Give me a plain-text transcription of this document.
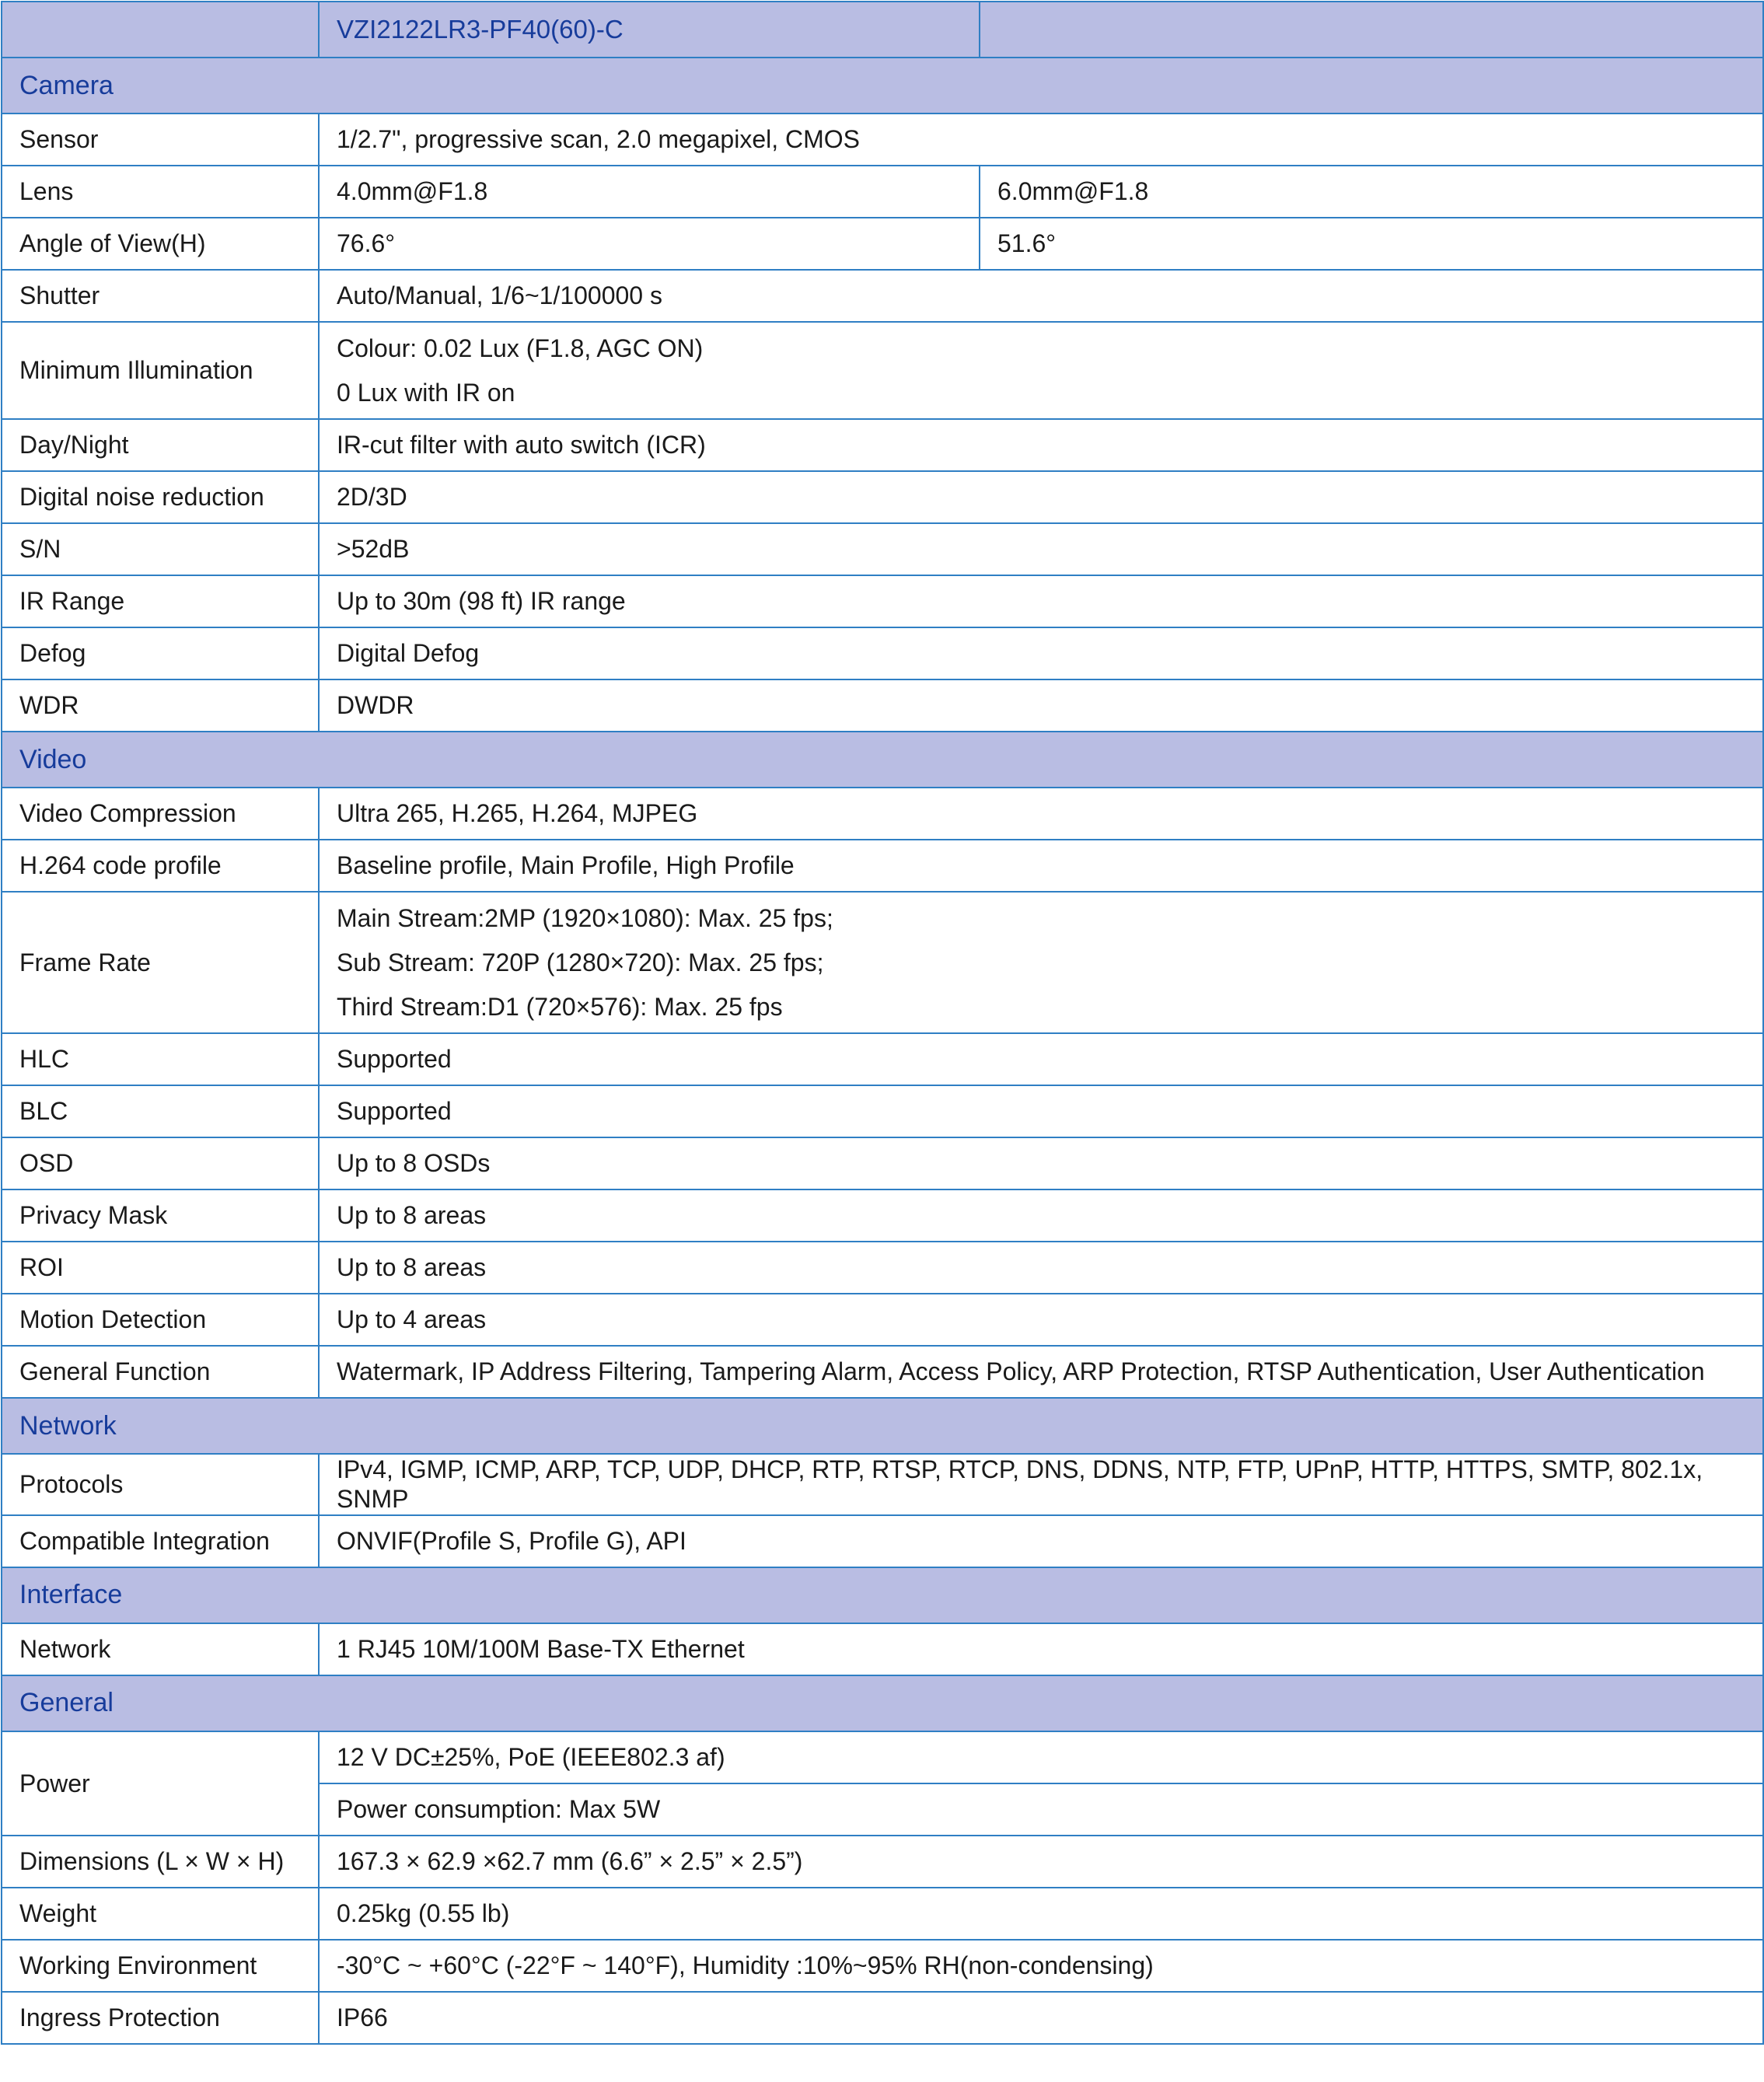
	VZI2122LR3-PF40(60)-C	
Camera		
Sensor	1/2.7", progressive scan, 2.0 megapixel, CMOS	
Lens	4.0mm@F1.8	6.0mm@F1.8
Angle of View(H)	76.6°	51.6°
Shutter	Auto/Manual, 1/6~1/100000 s	
Minimum Illumination	Colour: 0.02 Lux (F1.8, AGC ON)
0 Lux with IR on	

Day/Night	IR-cut filter with auto switch (ICR)	
Digital noise reduction	2D/3D	
S/N	>52dB	
IR Range	Up to 30m (98 ft) IR range	
Defog	Digital Defog	
WDR	DWDR	
Video		
Video Compression	Ultra 265, H.265, H.264, MJPEG	
H.264 code profile	Baseline profile, Main Profile, High Profile	
Frame Rate	Main Stream:2MP (1920×1080): Max. 25 fps;
Sub Stream: 720P (1280×720): Max. 25 fps;
Third Stream:D1 (720×576): Max. 25 fps	

HLC	Supported	
BLC	Supported	
OSD	Up to 8 OSDs	
Privacy Mask	Up to 8 areas	
ROI	Up to 8 areas	
Motion Detection	Up to 4 areas	
General Function	Watermark, IP Address Filtering, Tampering Alarm, Access Policy, ARP Protection, RTSP Authentication, User Authentication	
Network		
Protocols	IPv4, IGMP, ICMP, ARP, TCP, UDP, DHCP, RTP, RTSP, RTCP, DNS, DDNS, NTP, FTP, UPnP, HTTP, HTTPS, SMTP, 802.1x, SNMP	
Compatible Integration	ONVIF(Profile S, Profile G), API	
Interface		
Network	1 RJ45 10M/100M Base-TX Ethernet	
General		
Power	12 V DC±25%, PoE (IEEE802.3 af)	
	Power consumption: Max 5W	
Dimensions (L × W × H)	167.3 × 62.9 ×62.7 mm (6.6” × 2.5” × 2.5”)	
Weight	0.25kg (0.55 lb)	
Working Environment	-30°C ~ +60°C (-22°F ~ 140°F), Humidity :10%~95% RH(non-condensing)	
Ingress Protection	IP66	
